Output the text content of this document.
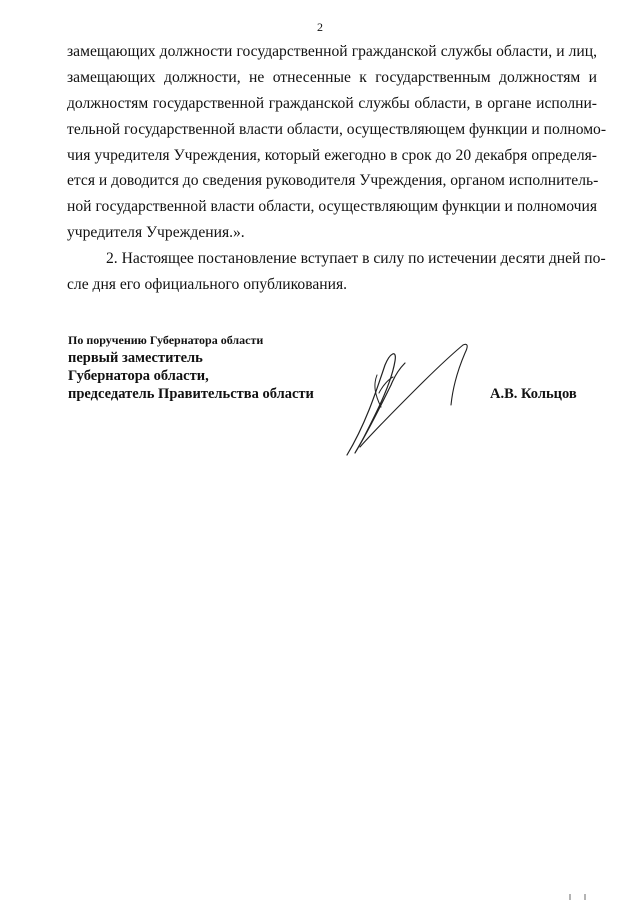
2
замещающих должности государственной гражданской службы области, и лиц,
замещающих должности, не отнесенные к государственным должностям и
должностям государственной гражданской службы области, в органе исполни-
тельной государственной власти области, осуществляющем функции и полномо-
чия учредителя Учреждения, который ежегодно в срок до 20 декабря определя-
ется и доводится до сведения руководителя Учреждения, органом исполнитель-
ной государственной власти области, осуществляющим функции и полномочия
учредителя Учреждения.».
2. Настоящее постановление вступает в силу по истечении десяти дней по-
сле дня его официального опубликования.
По поручению Губернатора области
первый заместитель
Губернатора области,
председатель Правительства области	А.В. Кольцов
